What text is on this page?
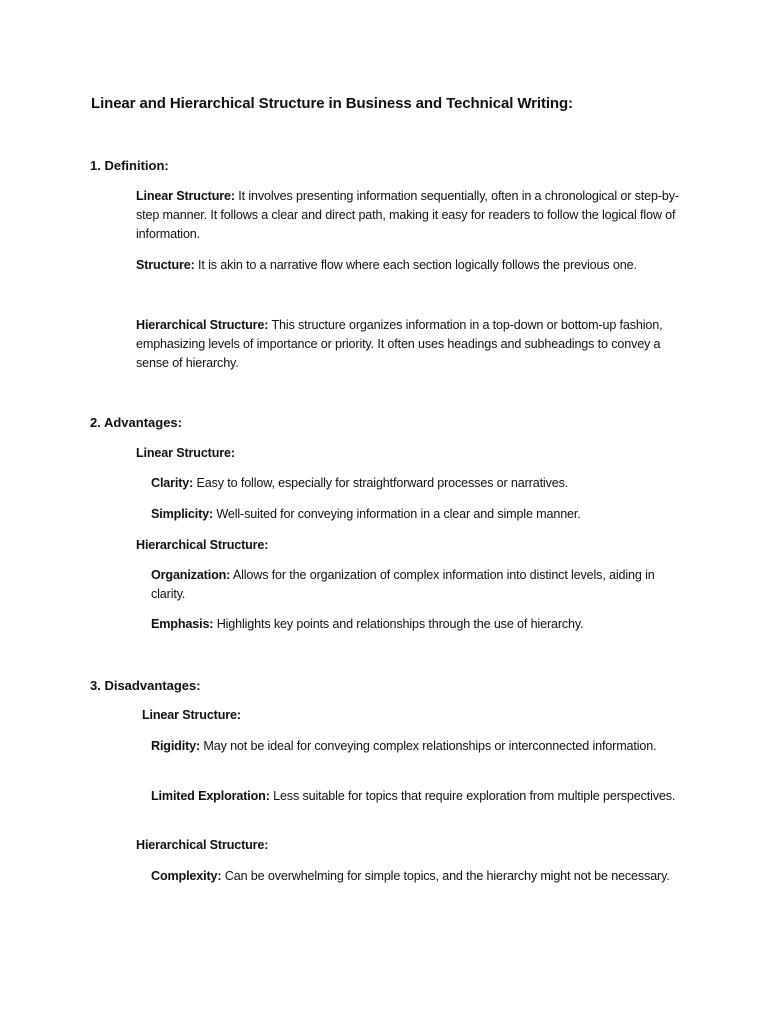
Linear and Hierarchical Structure in Business and Technical Writing:
1. Definition:
Linear Structure: It involves presenting information sequentially, often in a chronological or step-by-step manner. It follows a clear and direct path, making it easy for readers to follow the logical flow of information.
Structure: It is akin to a narrative flow where each section logically follows the previous one.
Hierarchical Structure: This structure organizes information in a top-down or bottom-up fashion, emphasizing levels of importance or priority. It often uses headings and subheadings to convey a sense of hierarchy.
2. Advantages:
Linear Structure:
Clarity: Easy to follow, especially for straightforward processes or narratives.
Simplicity: Well-suited for conveying information in a clear and simple manner.
Hierarchical Structure:
Organization: Allows for the organization of complex information into distinct levels, aiding in clarity.
Emphasis: Highlights key points and relationships through the use of hierarchy.
3. Disadvantages:
Linear Structure:
Rigidity: May not be ideal for conveying complex relationships or interconnected information.
Limited Exploration: Less suitable for topics that require exploration from multiple perspectives.
Hierarchical Structure:
Complexity: Can be overwhelming for simple topics, and the hierarchy might not be necessary.
